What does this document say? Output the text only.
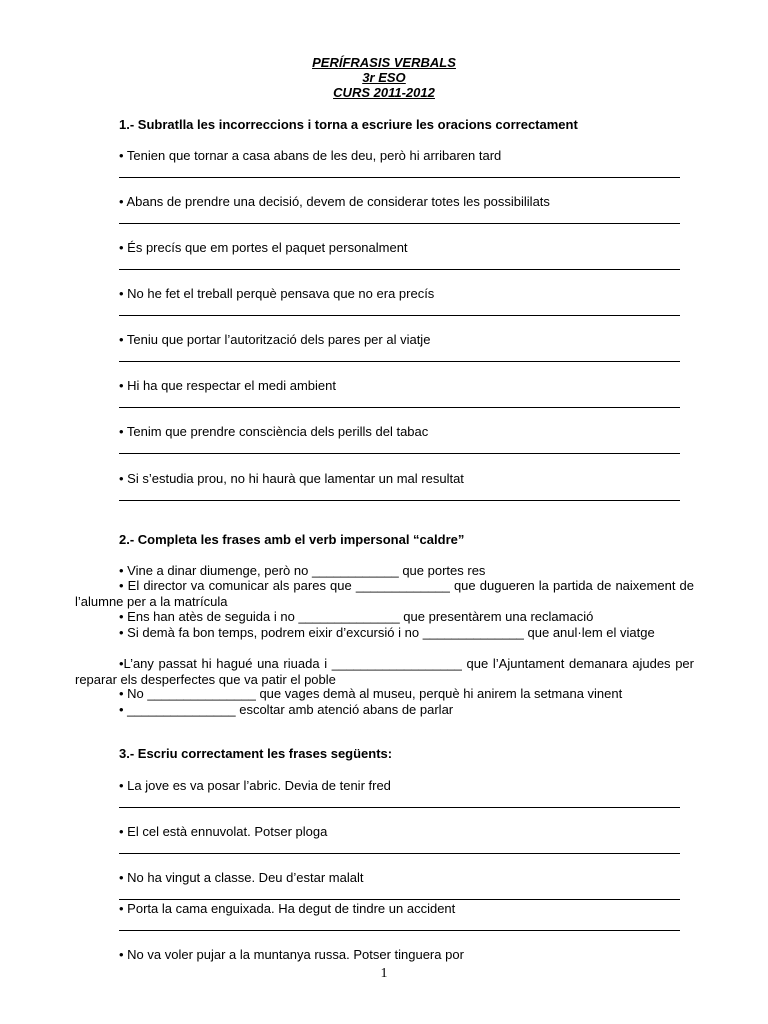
PERÍFRASIS VERBALS
3r ESO
CURS 2011-2012
1.- Subratlla les incorreccions i torna a escriure les oracions correctament
• Tenien que tornar a casa abans de les deu, però hi arribaren tard
• Abans de prendre una decisió, devem de considerar totes les possibililats
• És precís que em portes el paquet personalment
• No he fet el treball perquè pensava que no era precís
• Teniu que portar l’autorització dels pares per al viatje
• Hi ha que respectar el medi ambient
• Tenim que prendre consciència dels perills del tabac
• Si s’estudia prou, no hi haurà que lamentar un mal resultat
2.- Completa les frases amb el verb impersonal “caldre”

• Vine a dinar diumenge, però no ____________ que portes res

• El director va comunicar als pares que _____________ que dugueren la partida de naixement de l’alumne per a la matrícula

• Ens han atès de seguida i no ______________ que presentàrem una reclamació

• Si demà fa bon temps, podrem eixir d’excursió i no ______________ que anul·lem el viatge

•L’any passat hi hagué una riuada i __________________ que l’Ajuntament demanara ajudes per reparar els desperfectes que va patir el poble

• No _______________ que vages demà al museu, perquè hi anirem la setmana vinent

• _______________ escoltar amb atenció abans de parlar

3.- Escriu correctament les frases següents:
• La jove es va posar l’abric. Devia de tenir fred
• El cel està ennuvolat. Potser ploga
• No ha vingut a classe. Deu d’estar malalt
• Porta la cama enguixada. Ha degut de tindre un accident
• No va voler pujar a la muntanya russa. Potser tinguera por
1
